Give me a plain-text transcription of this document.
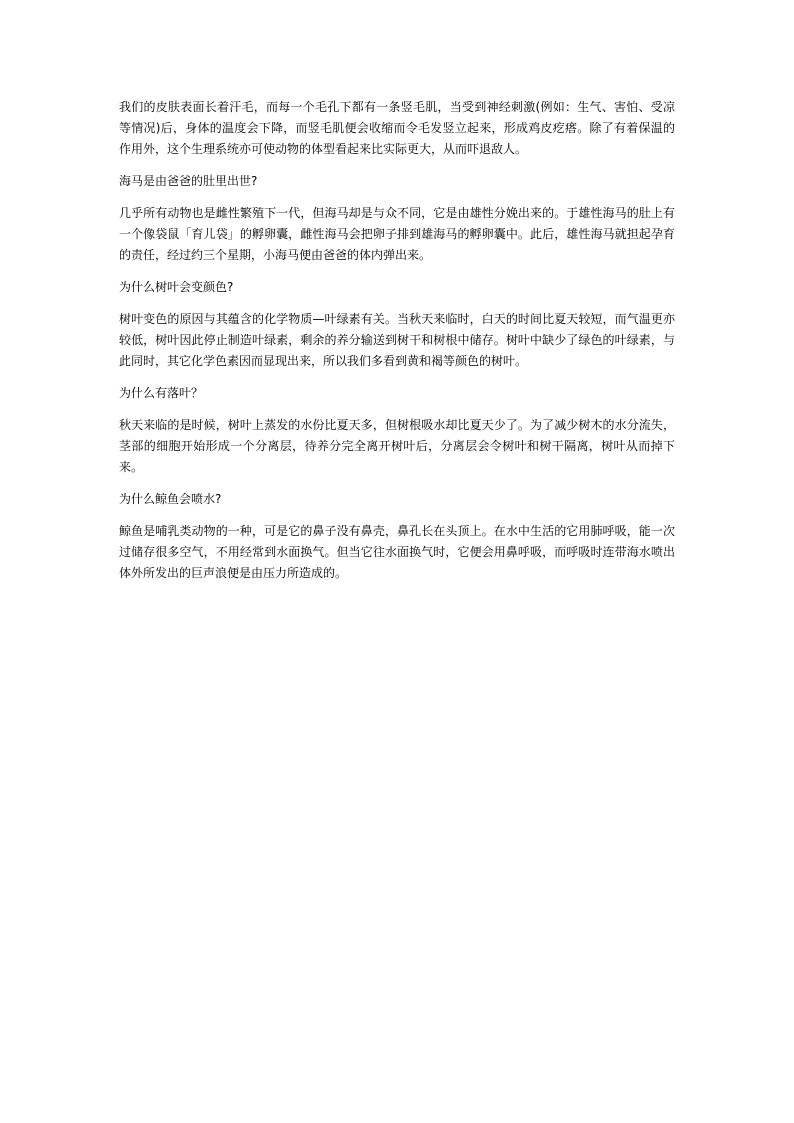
我们的皮肤表面长着汗毛，而每一个毛孔下都有一条竖毛肌，当受到神经刺激(例如：生气、害怕、受凉等情况)后，身体的温度会下降，而竖毛肌便会收缩而令毛发竖立起来，形成鸡皮疙瘩。除了有着保温的作用外，这个生理系统亦可使动物的体型看起来比实际更大，从而吓退敌人。

海马是由爸爸的肚里出世?

几乎所有动物也是雌性繁殖下一代，但海马却是与众不同，它是由雄性分娩出来的。于雄性海马的肚上有一个像袋鼠「育儿袋」的孵卵囊，雌性海马会把卵子排到雄海马的孵卵囊中。此后，雄性海马就担起孕育的责任，经过约三个星期，小海马便由爸爸的体内弹出来。

为什么树叶会变颜色?

树叶变色的原因与其蕴含的化学物质—叶绿素有关。当秋天来临时，白天的时间比夏天较短，而气温更亦较低，树叶因此停止制造叶绿素，剩余的养分输送到树干和树根中储存。树叶中缺少了绿色的叶绿素，与此同时，其它化学色素因而显现出来，所以我们多看到黄和褐等颜色的树叶。

为什么有落叶？

秋天来临的是时候，树叶上蒸发的水份比夏天多，但树根吸水却比夏天少了。为了减少树木的水分流失，茎部的细胞开始形成一个分离层，待养分完全离开树叶后，分离层会令树叶和树干隔离，树叶从而掉下来。

为什么鲸鱼会喷水?

鲸鱼是哺乳类动物的一种，可是它的鼻子没有鼻壳，鼻孔长在头顶上。在水中生活的它用肺呼吸，能一次过储存很多空气，不用经常到水面换气。但当它往水面换气时，它便会用鼻呼吸，而呼吸时连带海水喷出体外所发出的巨声浪便是由压力所造成的。
